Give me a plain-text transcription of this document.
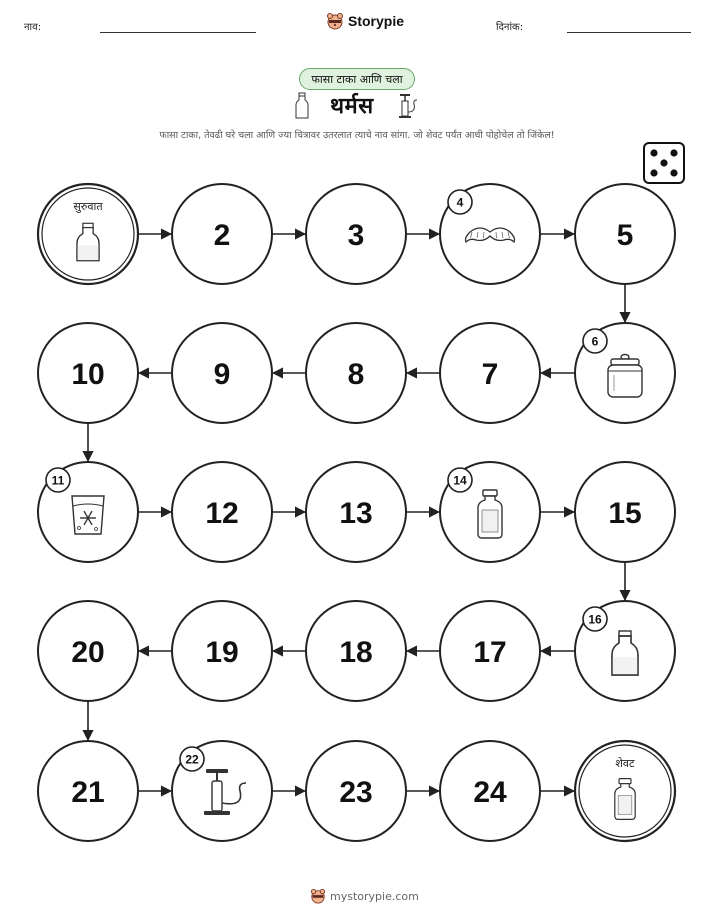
नाव:	Storypie	दिनांक:
फासा टाका आणि चला
थर्मस
फासा टाका, तेवढी घरे चला आणि ज्या चित्रावर उतरलात त्याचे नाव सांगा. जो शेवट पर्यंत आधी पोहोचेल तो जिंकेल!
सुरुवात
2	3
4
5
6
7
8
9
10
11
12	13
14
15
16
17
18
19
20
21
22
23	24
शेवट
mystorypie.com
